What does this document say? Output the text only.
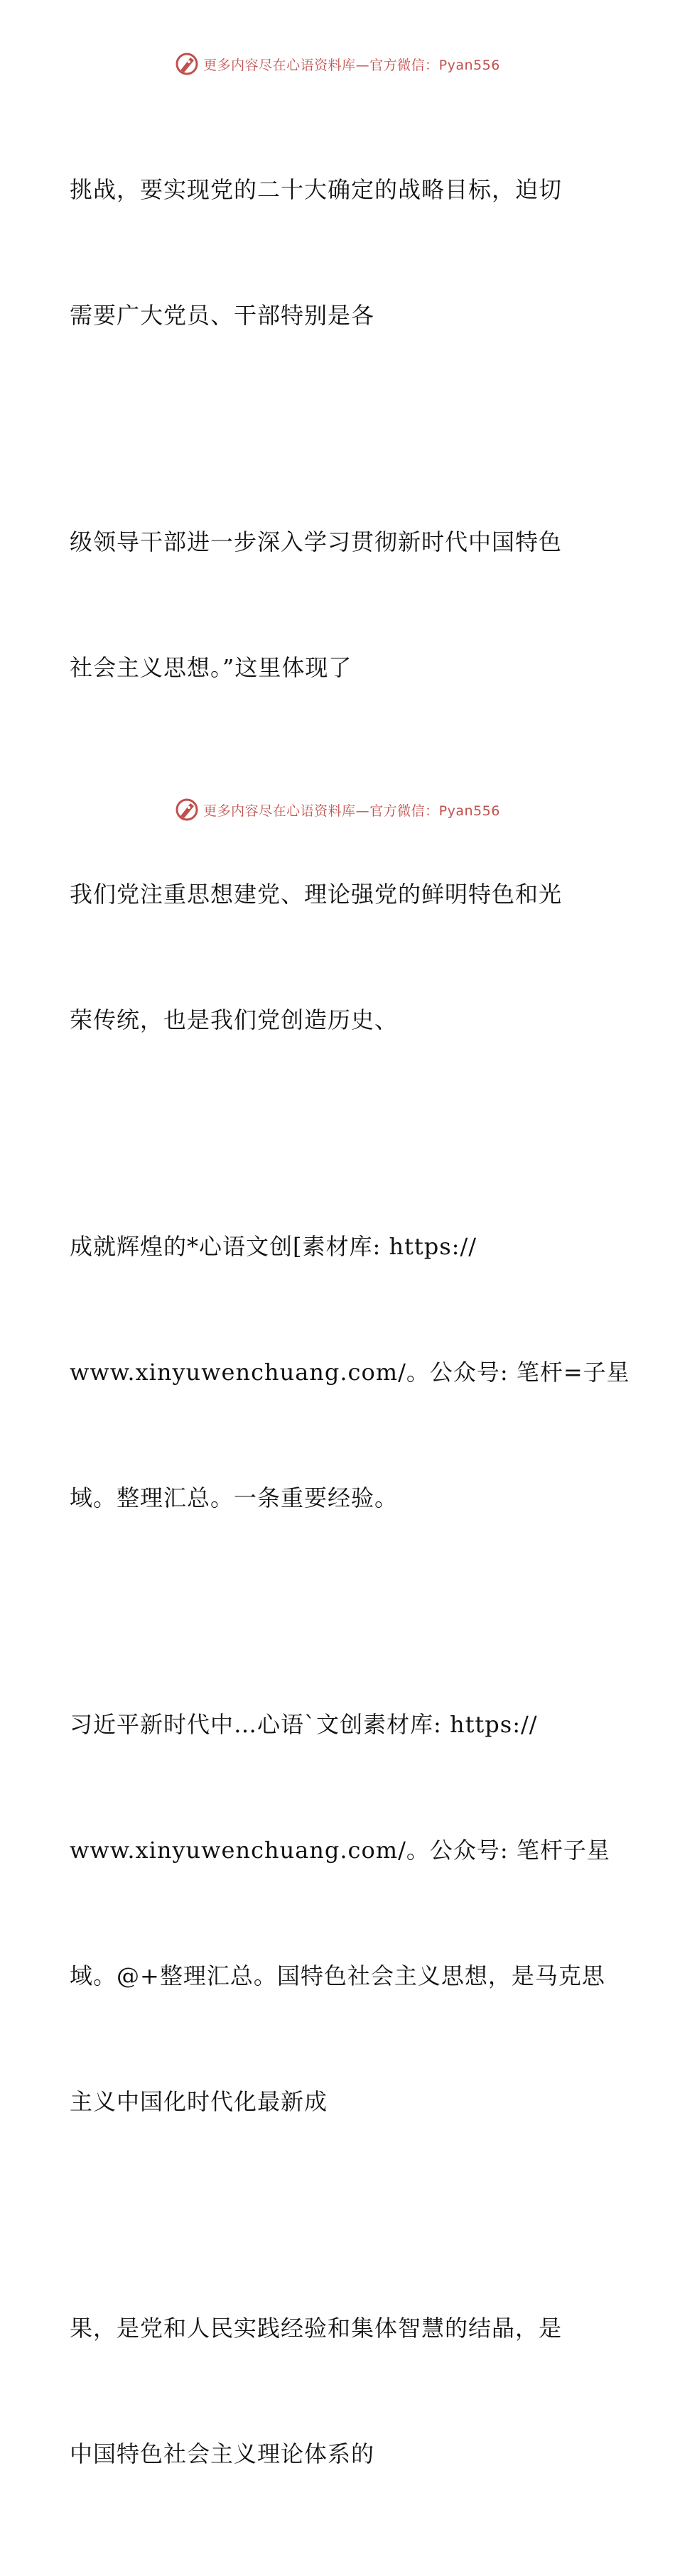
更多内容尽在心语资料库—官方微信：Pyan556

挑战，要实现党的二十大确定的战略目标，迫切

需要广大党员、干部特别是各

级领导干部进一步深入学习贯彻新时代中国特色

社会主义思想。”这里体现了

我们党注重思想建党、理论强党的鲜明特色和光

荣传统，也是我们党创造历史、

成就辉煌的*心语文创[素材库: https://

www.xinyuwenchuang.com/。公众号: 笔杆=子星

域。整理汇总。一条重要经验。

习近平新时代中…心语`文创素材库: https://

www.xinyuwenchuang.com/。公众号: 笔杆子星

域。@+整理汇总。国特色社会主义思想，是马克思

主义中国化时代化最新成

果，是党和人民实践经验和集体智慧的结晶，是

中国特色社会主义理论体系的

更多内容尽在心语资料库—官方微信：Pyan556
